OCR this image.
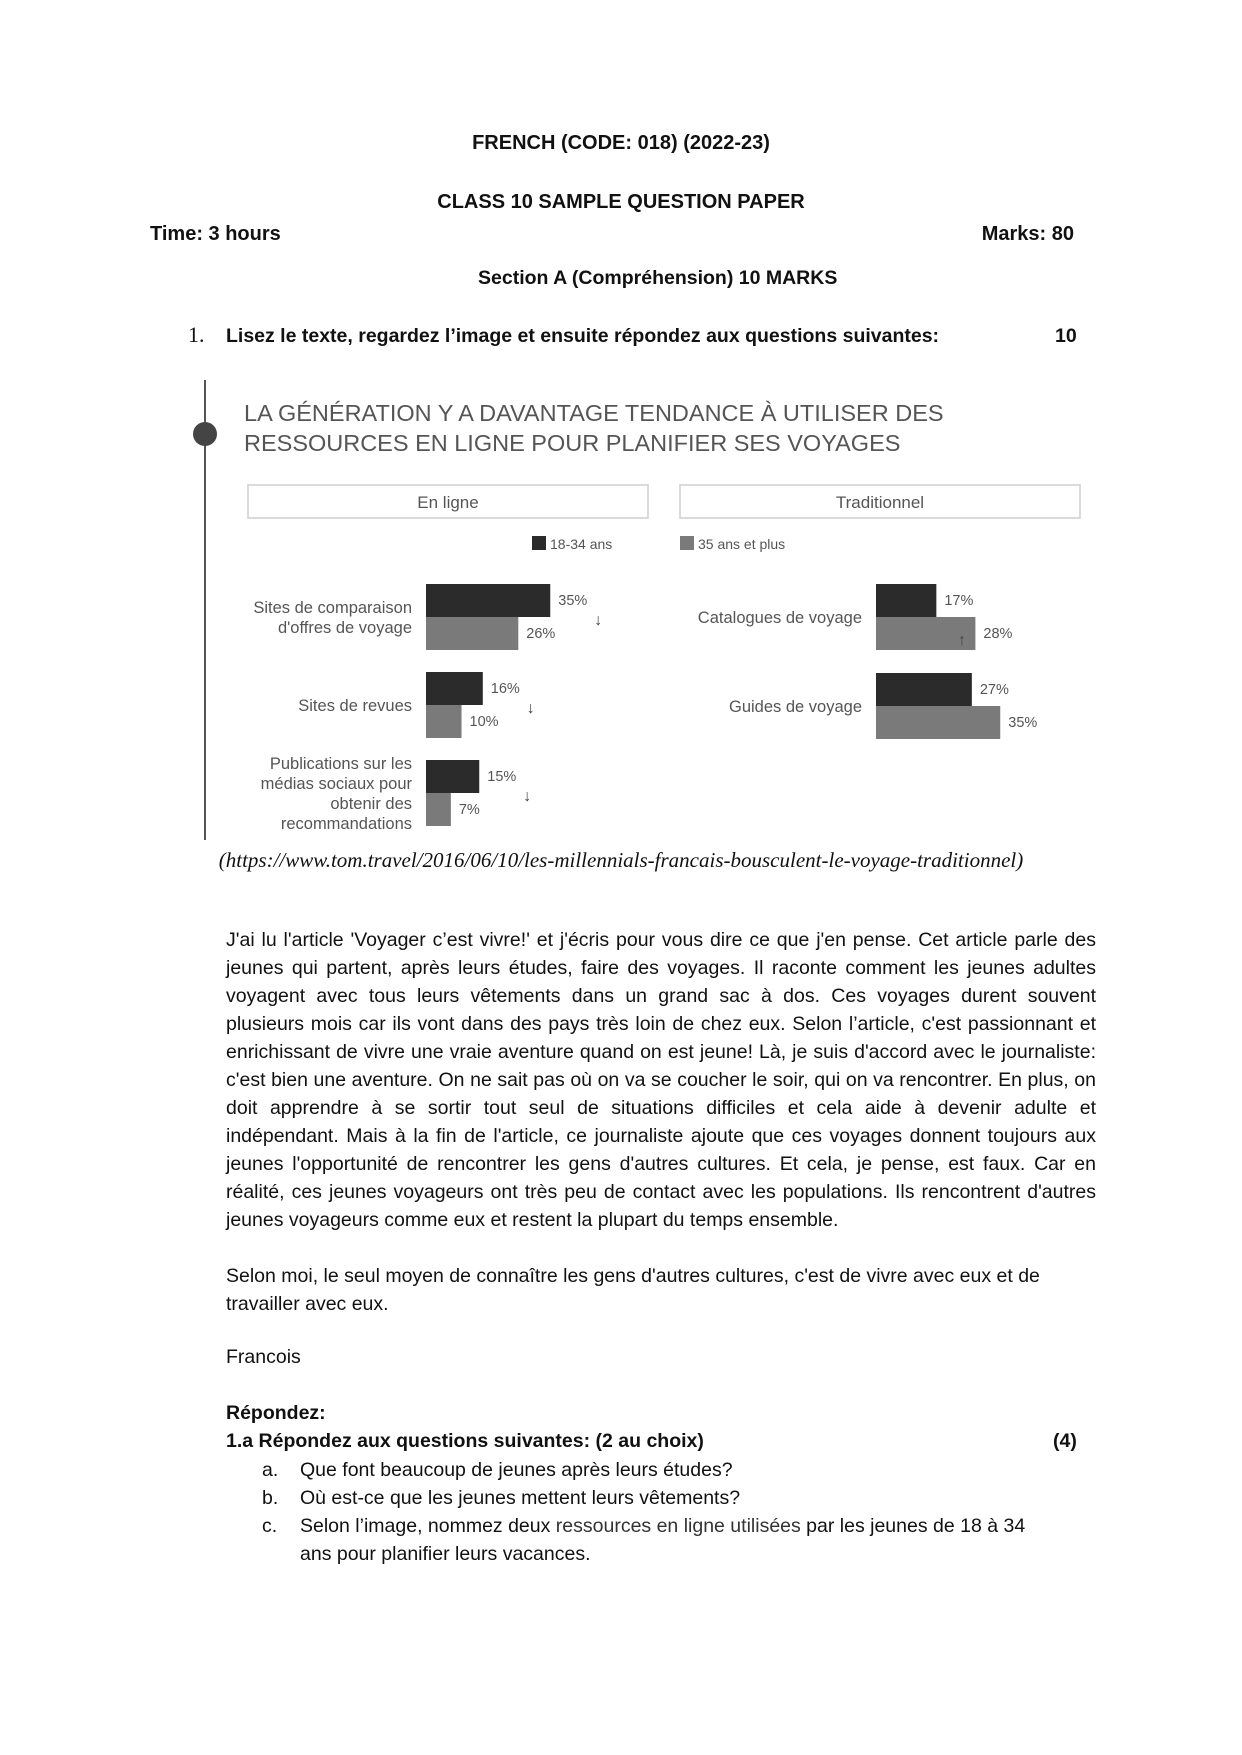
FRENCH (CODE: 018) (2022-23)
CLASS 10 SAMPLE QUESTION PAPER
Time: 3 hours	Marks: 80
Section A (Compréhension) 10 MARKS
1. Lisez le texte, regardez l’image et ensuite répondez aux questions suivantes:	10
LA GÉNÉRATION Y A DAVANTAGE TENDANCE À UTILISER DES
RESSOURCES EN LIGNE POUR PLANIFIER SES VOYAGES
En ligne	Traditionnel
18-34 ans	35 ans et plus
Sites de comparaison
d'offres de voyage
35%
26%
↓
Sites de revues
16%
10%
↓
Publications sur les
médias sociaux pour
obtenir des
recommandations
15%
7%
↓
Catalogues de voyage
17%
28%
↑
Guides de voyage
27%
35%
(https://www.tom.travel/2016/06/10/les-millennials-francais-bousculent-le-voyage-traditionnel)
J'ai lu l'article 'Voyager c’est vivre!' et j'écris pour vous dire ce que j'en pense. Cet article parle des jeunes qui partent, après leurs études, faire des voyages. Il raconte comment les jeunes adultes voyagent avec tous leurs vêtements dans un grand sac à dos. Ces voyages durent souvent plusieurs mois car ils vont dans des pays très loin de chez eux. Selon l’article, c'est passionnant et enrichissant de vivre une vraie aventure quand on est jeune! Là, je suis d'accord avec le journaliste: c'est bien une aventure. On ne sait pas où on va se coucher le soir, qui on va rencontrer. En plus, on doit apprendre à se sortir tout seul de situations difficiles et cela aide à devenir adulte et indépendant. Mais à la fin de l'article, ce journaliste ajoute que ces voyages donnent toujours aux jeunes l'opportunité de rencontrer les gens d'autres cultures. Et cela, je pense, est faux. Car en réalité, ces jeunes voyageurs ont très peu de contact avec les populations. Ils rencontrent d'autres jeunes voyageurs comme eux et restent la plupart du temps ensemble.
Selon moi, le seul moyen de connaître les gens d'autres cultures, c'est de vivre avec eux et de travailler avec eux.
Francois
Répondez:
1.a Répondez aux questions suivantes: (2 au choix)	(4)
a. Que font beaucoup de jeunes après leurs études?
b. Où est-ce que les jeunes mettent leurs vêtements?
c. Selon l’image, nommez deux ressources en ligne utilisées par les jeunes de 18 à 34
ans pour planifier leurs vacances.
